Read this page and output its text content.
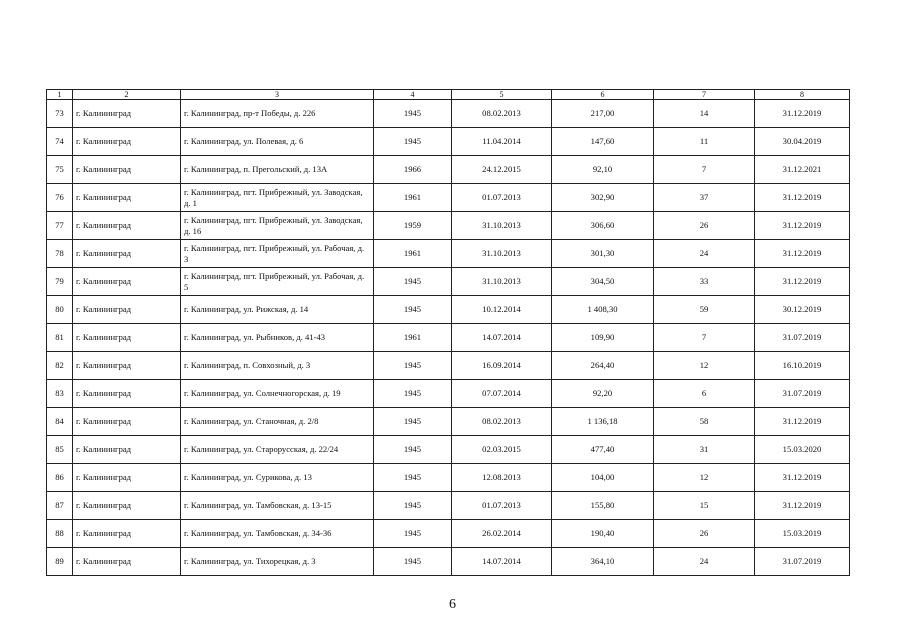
1	2	3	4	5	6	7	8
73	г. Калининград	г. Калининград, пр-т Победы, д. 226	1945	08.02.2013	217,00	14	31.12.2019
74	г. Калининград	г. Калининград, ул. Полевая, д. 6	1945	11.04.2014	147,60	11	30.04.2019
75	г. Калининград	г. Калининград, п. Прегольский, д. 13А	1966	24.12.2015	92,10	7	31.12.2021
76	г. Калининград	г. Калининград, пгт. Прибрежный, ул. Заводская, д. 1	1961	01.07.2013	302,90	37	31.12.2019
77	г. Калининград	г. Калининград, пгт. Прибрежный, ул. Заводская, д. 16	1959	31.10.2013	306,60	26	31.12.2019
78	г. Калининград	г. Калининград, пгт. Прибрежный, ул. Рабочая, д. 3	1961	31.10.2013	301,30	24	31.12.2019
79	г. Калининград	г. Калининград, пгт. Прибрежный, ул. Рабочая, д. 5	1945	31.10.2013	304,50	33	31.12.2019
80	г. Калининград	г. Калининград, ул. Рижская, д. 14	1945	10.12.2014	1 408,30	59	30.12.2019
81	г. Калининград	г. Калининград, ул. Рыбников, д. 41-43	1961	14.07.2014	109,90	7	31.07.2019
82	г. Калининград	г. Калининград, п. Совхозный, д. 3	1945	16.09.2014	264,40	12	16.10.2019
83	г. Калининград	г. Калининград, ул. Солнечногорская, д. 19	1945	07.07.2014	92,20	6	31.07.2019
84	г. Калининград	г. Калининград, ул. Станочная, д. 2/8	1945	08.02.2013	1 136,18	58	31.12.2019
85	г. Калининград	г. Калининград, ул. Старорусская, д. 22/24	1945	02.03.2015	477,40	31	15.03.2020
86	г. Калининград	г. Калининград, ул. Сурикова, д. 13	1945	12.08.2013	104,00	12	31.12.2019
87	г. Калининград	г. Калининград, ул. Тамбовская, д. 13-15	1945	01.07.2013	155,80	15	31.12.2019
88	г. Калининград	г. Калининград, ул. Тамбовская, д. 34-36	1945	26.02.2014	190,40	26	15.03.2019
89	г. Калининград	г. Калининград, ул. Тихорецкая, д. 3	1945	14.07.2014	364,10	24	31.07.2019
6
